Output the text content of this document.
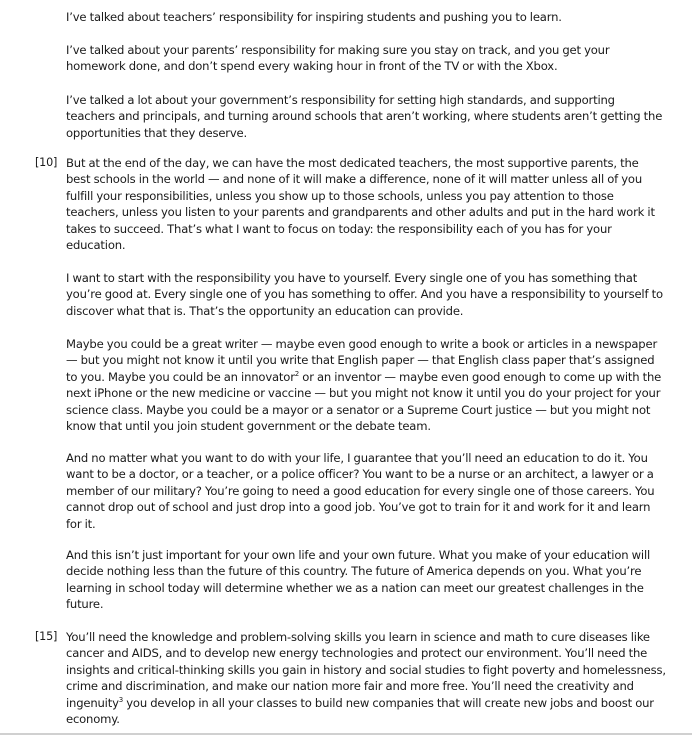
I’ve talked about teachers’ responsibility for inspiring students and pushing you to learn.
I’ve talked about your parents’ responsibility for making sure you stay on track, and you get your homework done, and don’t spend every waking hour in front of the TV or with the Xbox.
I’ve talked a lot about your government’s responsibility for setting high standards, and supporting teachers and principals, and turning around schools that aren’t working, where students aren’t getting the opportunities that they deserve.
[10] But at the end of the day, we can have the most dedicated teachers, the most supportive parents, the best schools in the world — and none of it will make a difference, none of it will matter unless all of you fulfill your responsibilities, unless you show up to those schools, unless you pay attention to those teachers, unless you listen to your parents and grandparents and other adults and put in the hard work it takes to succeed. That’s what I want to focus on today: the responsibility each of you has for your education.
I want to start with the responsibility you have to yourself. Every single one of you has something that you’re good at. Every single one of you has something to offer. And you have a responsibility to yourself to discover what that is. That’s the opportunity an education can provide.
Maybe you could be a great writer — maybe even good enough to write a book or articles in a newspaper — but you might not know it until you write that English paper — that English class paper that’s assigned to you. Maybe you could be an innovator$^2$ or an inventor — maybe even good enough to come up with the next iPhone or the new medicine or vaccine — but you might not know it until you do your project for your science class. Maybe you could be a mayor or a senator or a Supreme Court justice — but you might not know that until you join student government or the debate team.
And no matter what you want to do with your life, I guarantee that you’ll need an education to do it. You want to be a doctor, or a teacher, or a police officer? You want to be a nurse or an architect, a lawyer or a member of our military? You’re going to need a good education for every single one of those careers. You cannot drop out of school and just drop into a good job. You’ve got to train for it and work for it and learn for it.
And this isn’t just important for your own life and your own future. What you make of your education will decide nothing less than the future of this country. The future of America depends on you. What you’re learning in school today will determine whether we as a nation can meet our greatest challenges in the future.
[15] You’ll need the knowledge and problem-solving skills you learn in science and math to cure diseases like cancer and AIDS, and to develop new energy technologies and protect our environment. You’ll need the insights and critical-thinking skills you gain in history and social studies to fight poverty and homelessness, crime and discrimination, and make our nation more fair and more free. You’ll need the creativity and ingenuity$^3$ you develop in all your classes to build new companies that will create new jobs and boost our economy.
